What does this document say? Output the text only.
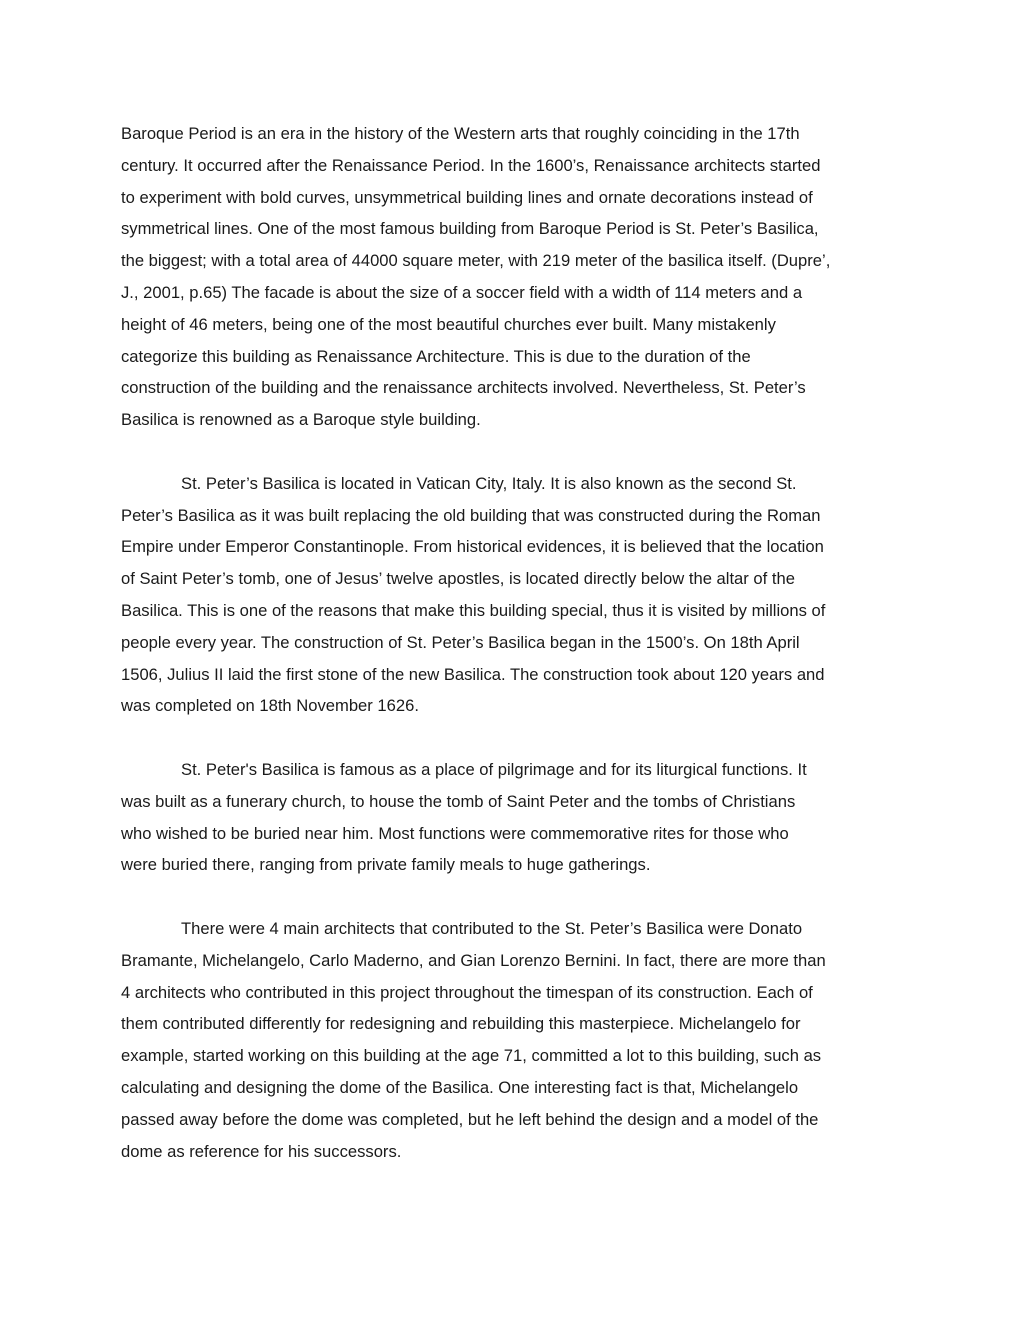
Baroque Period is an era in the history of the Western arts that roughly coinciding in the 17th
century. It occurred after the Renaissance Period. In the 1600’s, Renaissance architects started
to experiment with bold curves, unsymmetrical building lines and ornate decorations instead of
symmetrical lines. One of the most famous building from Baroque Period is St. Peter’s Basilica,
the biggest; with a total area of 44000 square meter, with 219 meter of the basilica itself. (Dupre’,
J., 2001, p.65) The facade is about the size of a soccer field with a width of 114 meters and a
height of 46 meters, being one of the most beautiful churches ever built. Many mistakenly
categorize this building as Renaissance Architecture. This is due to the duration of the
construction of the building and the renaissance architects involved. Nevertheless, St. Peter’s
Basilica is renowned as a Baroque style building.

St. Peter’s Basilica is located in Vatican City, Italy. It is also known as the second St.
Peter’s Basilica as it was built replacing the old building that was constructed during the Roman
Empire under Emperor Constantinople. From historical evidences, it is believed that the location
of Saint Peter’s tomb, one of Jesus’ twelve apostles, is located directly below the altar of the
Basilica. This is one of the reasons that make this building special, thus it is visited by millions of
people every year. The construction of St. Peter’s Basilica began in the 1500’s. On 18th April
1506, Julius II laid the first stone of the new Basilica. The construction took about 120 years and
was completed on 18th November 1626.

St. Peter's Basilica is famous as a place of pilgrimage and for its liturgical functions. It
was built as a funerary church, to house the tomb of Saint Peter and the tombs of Christians
who wished to be buried near him. Most functions were commemorative rites for those who
were buried there, ranging from private family meals to huge gatherings.

There were 4 main architects that contributed to the St. Peter’s Basilica were Donato
Bramante, Michelangelo, Carlo Maderno, and Gian Lorenzo Bernini. In fact, there are more than
4 architects who contributed in this project throughout the timespan of its construction. Each of
them contributed differently for redesigning and rebuilding this masterpiece. Michelangelo for
example, started working on this building at the age 71, committed a lot to this building, such as
calculating and designing the dome of the Basilica. One interesting fact is that, Michelangelo
passed away before the dome was completed, but he left behind the design and a model of the
dome as reference for his successors.
